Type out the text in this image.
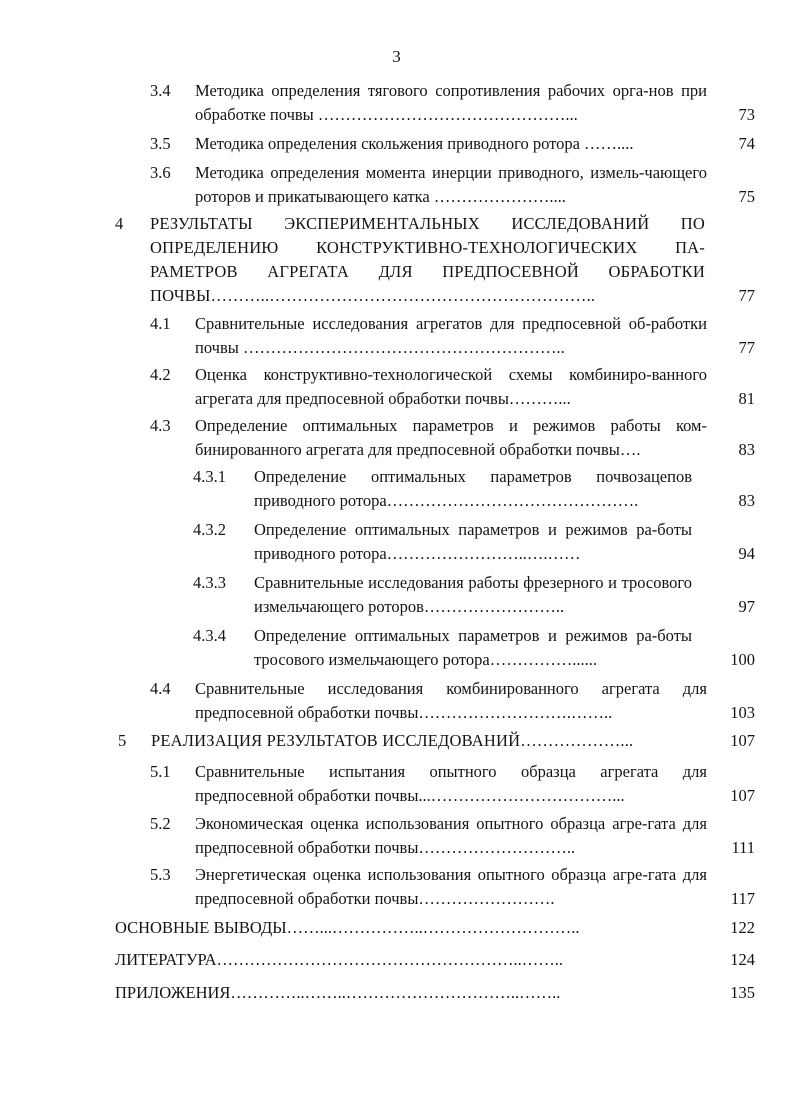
3
3.4 Методика определения тягового сопротивления рабочих орга-нов при обработке почвы ………………………………………...	73
3.5 Методика определения скольжения приводного ротора ……....	74
3.6 Методика определения момента инерции приводного, измель-чающего роторов и прикатывающего катка …………………....	75
4 РЕЗУЛЬТАТЫ ЭКСПЕРИМЕНТАЛЬНЫХ ИССЛЕДОВАНИЙ ПО ОПРЕДЕЛЕНИЮ КОНСТРУКТИВНО-ТЕХНОЛОГИЧЕСКИХ ПА-РАМЕТРОВ АГРЕГАТА ДЛЯ ПРЕДПОСЕВНОЙ ОБРАБОТКИ ПОЧВЫ………..…………………………………………………..	77
4.1 Сравнительные исследования агрегатов для предпосевной об-работки почвы …………………………………………………..	77
4.2 Оценка конструктивно-технологической схемы комбиниро-ванного агрегата для предпосевной обработки почвы………...	81
4.3 Определение оптимальных параметров и режимов работы ком-бинированного агрегата для предпосевной обработки почвы….	83
4.3.1 Определение оптимальных параметров почвозацепов приводного ротора……………………………………….	83
4.3.2 Определение оптимальных параметров и режимов ра-боты приводного ротора……………………..….……	94
4.3.3 Сравнительные исследования работы фрезерного и тросового измельчающего роторов……………………..	97
4.3.4 Определение оптимальных параметров и режимов ра-боты тросового измельчающего ротора……………......	100
4.4 Сравнительные исследования комбинированного агрегата для предпосевной обработки почвы……………………….……..	103
5 РЕАЛИЗАЦИЯ РЕЗУЛЬТАТОВ ИССЛЕДОВАНИЙ………………...	107
5.1 Сравнительные испытания опытного образца агрегата для предпосевной обработки почвы...……………………………...	107
5.2 Экономическая оценка использования опытного образца агре-гата для предпосевной обработки почвы………………………..	111
5.3 Энергетическая оценка использования опытного образца агре-гата для предпосевной обработки почвы…………………….	117
ОСНОВНЫЕ ВЫВОДЫ……...……………..………………………..	122
ЛИТЕРАТУРА………………………………………………..……..	124
ПРИЛОЖЕНИЯ…………..……..…………………………..……..	135
